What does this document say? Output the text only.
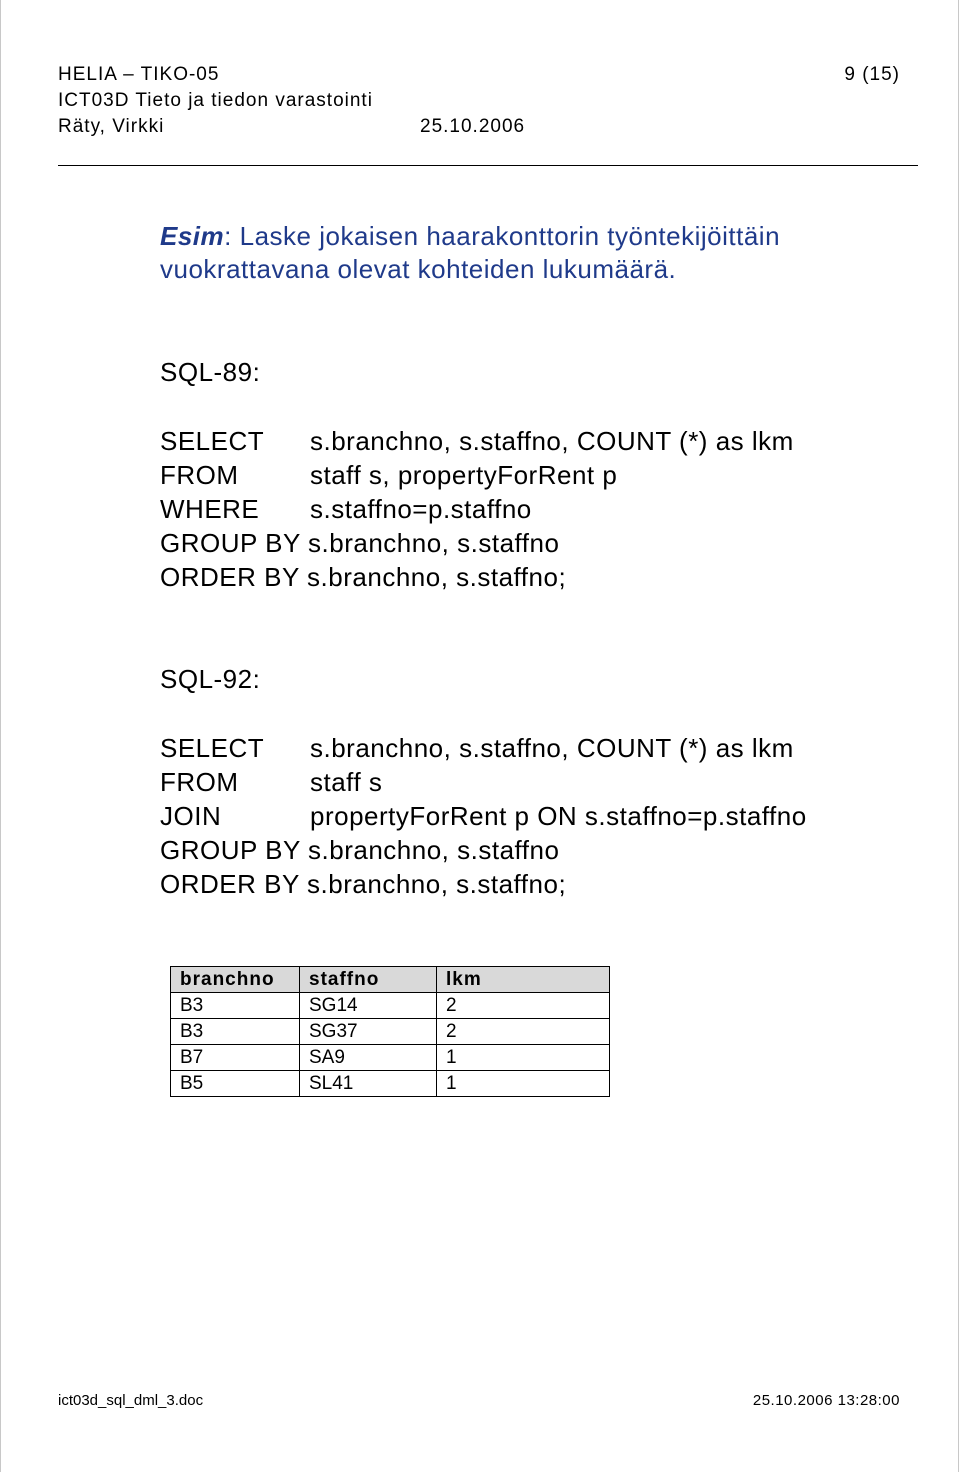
HELIA – TIKO-05	9 (15)
ICT03D Tieto ja tiedon varastointi
Räty, Virkki	25.10.2006
Esim: Laske jokaisen haarakonttorin työntekijöittäin vuokrattavana olevat kohteiden lukumäärä.
SQL-89:
SELECT s.branchno, s.staffno, COUNT (*) as lkm
FROM	staff s, propertyForRent p
WHERE s.staffno=p.staffno
GROUP BY s.branchno, s.staffno
ORDER BY s.branchno, s.staffno;
SQL-92:
SELECT s.branchno, s.staffno, COUNT (*) as lkm
FROM	staff s
JOIN	propertyForRent p ON s.staffno=p.staffno
GROUP BY s.branchno, s.staffno
ORDER BY s.branchno, s.staffno;
branchno	staffno	lkm
B3	SG14	2
B3	SG37	2
B7	SA9	1
B5	SL41	1
ict03d_sql_dml_3.doc	25.10.2006 13:28:00
